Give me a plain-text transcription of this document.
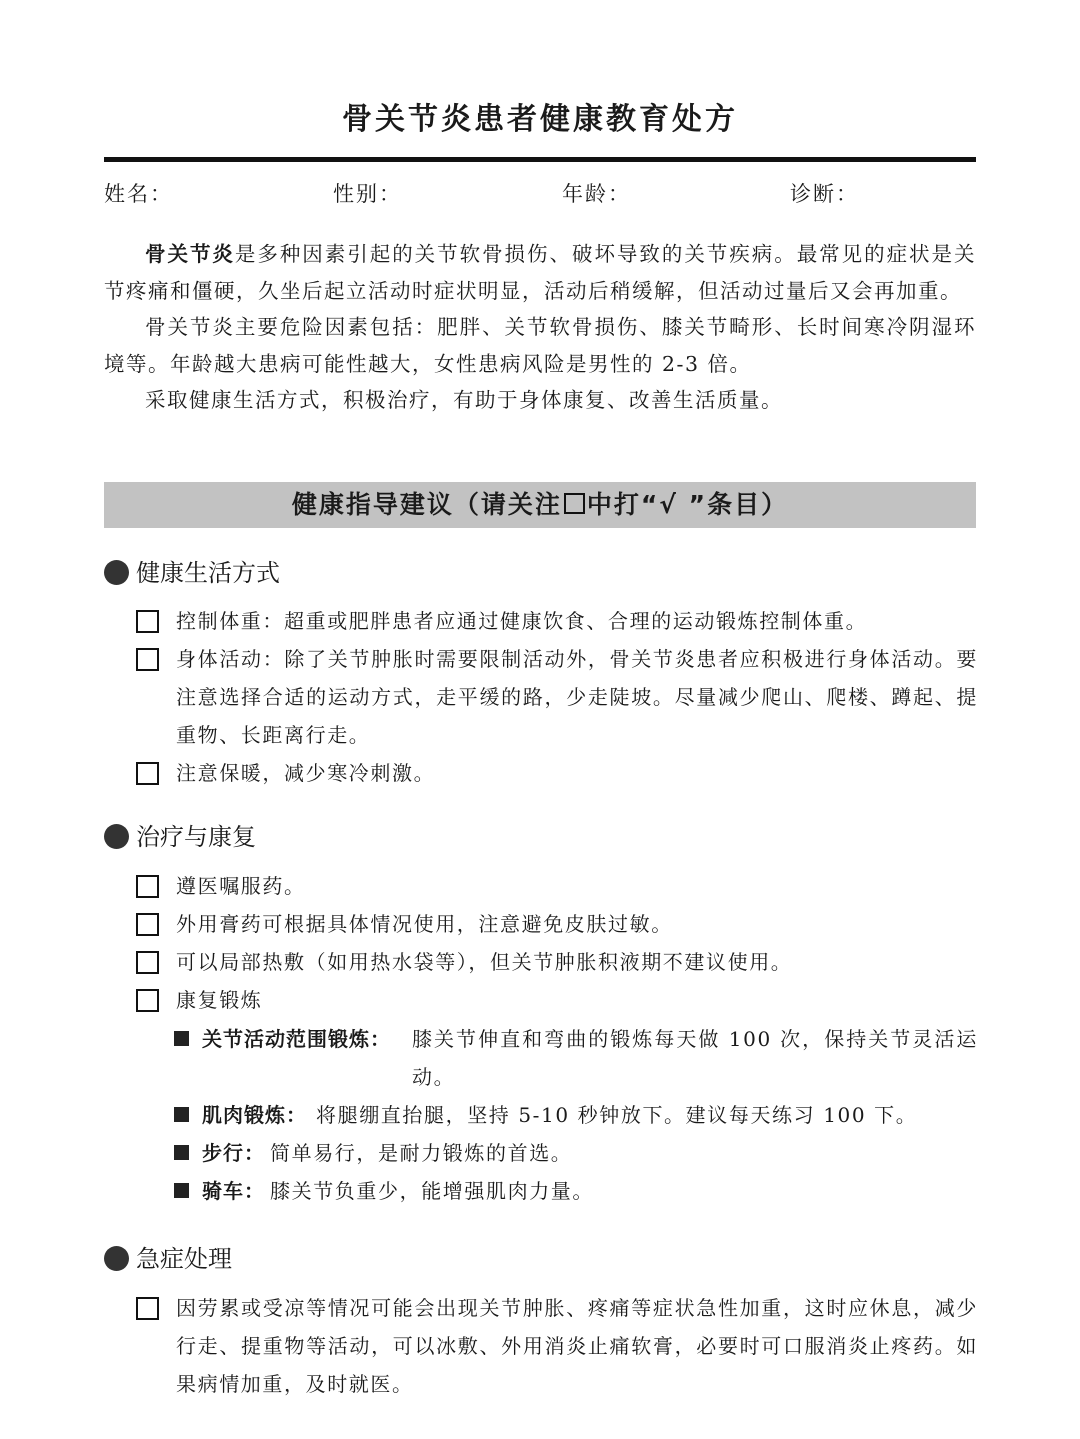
骨关节炎患者健康教育处方
姓名：	性别：	年龄：	诊断：

骨关节炎是多种因素引起的关节软骨损伤、破坏导致的关节疾病。最常见的症状是关节疼痛和僵硬，久坐后起立活动时症状明显，活动后稍缓解，但活动过量后又会再加重。

骨关节炎主要危险因素包括：肥胖、关节软骨损伤、膝关节畸形、长时间寒冷阴湿环境等。年龄越大患病可能性越大，女性患病风险是男性的 2-3 倍。

采取健康生活方式，积极治疗，有助于身体康复、改善生活质量。

健康指导建议（请关注 中打“√ ”条目）
健康生活方式
控制体重：超重或肥胖患者应通过健康饮食、合理的运动锻炼控制体重。
身体活动：除了关节肿胀时需要限制活动外，骨关节炎患者应积极进行身体活动。要注意选择合适的运动方式，走平缓的路，少走陡坡。尽量减少爬山、爬楼、蹲起、提重物、长距离行走。
注意保暖，减少寒冷刺激。
治疗与康复
遵医嘱服药。
外用膏药可根据具体情况使用，注意避免皮肤过敏。
可以局部热敷（如用热水袋等），但关节肿胀积液期不建议使用。
康复锻炼
关节活动范围锻炼： 膝关节伸直和弯曲的锻炼每天做 100 次，保持关节灵活运动。
肌肉锻炼： 将腿绷直抬腿，坚持 5-10 秒钟放下。建议每天练习 100 下。
步行： 简单易行，是耐力锻炼的首选。
骑车： 膝关节负重少，能增强肌肉力量。
急症处理
因劳累或受凉等情况可能会出现关节肿胀、疼痛等症状急性加重，这时应休息，减少行走、提重物等活动，可以冰敷、外用消炎止痛软膏，必要时可口服消炎止疼药。如果病情加重，及时就医。
